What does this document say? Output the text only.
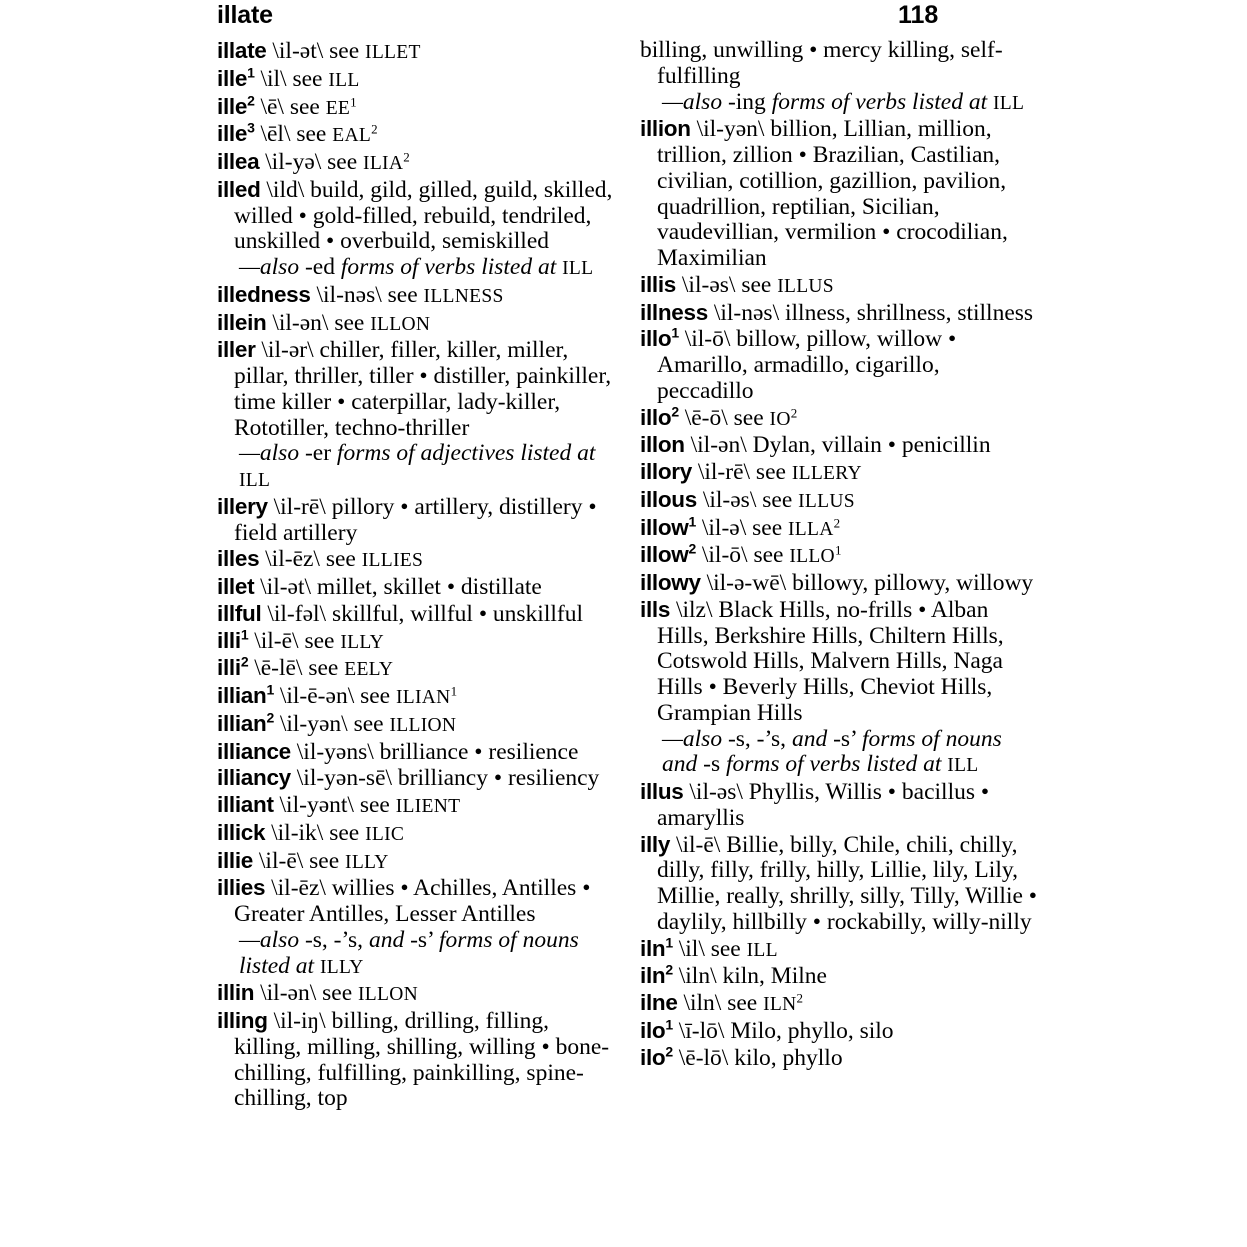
illate	118
illate \il-ət\ see ILLET
ille$^1$ \il\ see ILL
ille$^2$ \ē\ see $EE^1$
ille$^3$ \ēl\ see EAL$^2$
illea \il-yə\ see ILIA$^2$
illed \ild\ build, gild, gilled, guild, skilled, willed • gold-filled, rebuild, tendriled, unskilled • overbuild, semiskilled
—also -ed forms of verbs listed at ILL
illedness \il-nəs\ see ILLNESS
illein \il-ən\ see ILLON
iller \il-ər\ chiller, filler, killer, miller, pillar, thriller, tiller • distiller, painkiller, time killer • caterpillar, lady-killer, Rototiller, techno-thriller
—also -er forms of adjectives listed at ILL
illery \il-rē\ pillory • artillery, distillery • field artillery
illes \il-ēz\ see ILLIES
illet \il-ət\ millet, skillet • distillate
illful \il-fəl\ skillful, willful • unskillful
illi$^1$ \il-ē\ see ILLY
illi$^2$ \ē-lē\ see EELY
illian$^1$ \il-ē-ən\ see ILIAN$^1$
illian$^2$ \il-yən\ see ILLION
illiance \il-yəns\ brilliance • resilience
illiancy \il-yən-sē\ brilliancy • resiliency
illiant \il-yənt\ see ILIENT
illick \il-ik\ see ILIC
illie \il-ē\ see ILLY
illies \il-ēz\ willies • Achilles, Antilles • Greater Antilles, Lesser Antilles
—also -s, -’s, and -s’ forms of nouns listed at ILLY
illin \il-ən\ see ILLON
illing \il-iŋ\ billing, drilling, filling, killing, milling, shilling, willing • bone-chilling, fulfilling, painkilling, spine-chilling, top
billing, unwilling • mercy killing, self-fulfilling
—also -ing forms of verbs listed at ILL
illion \il-yən\ billion, Lillian, million, trillion, zillion • Brazilian, Castilian, civilian, cotillion, gazillion, pavilion, quadrillion, reptilian, Sicilian, vaudevillian, vermilion • crocodilian, Maximilian
illis \il-əs\ see ILLUS
illness \il-nəs\ illness, shrillness, stillness
illo$^1$ \il-ō\ billow, pillow, willow • Amarillo, armadillo, cigarillo, peccadillo
illo$^2$ \ē-ō\ see $IO^2$
illon \il-ən\ Dylan, villain • penicillin
illory \il-rē\ see ILLERY
illous \il-əs\ see ILLUS
illow$^1$ \il-ə\ see ILLA$^2$
illow$^2$ \il-ō\ see ILLO$^1$
illowy \il-ə-wē\ billowy, pillowy, willowy
ills \ilz\ Black Hills, no-frills • Alban Hills, Berkshire Hills, Chiltern Hills, Cotswold Hills, Malvern Hills, Naga Hills • Beverly Hills, Cheviot Hills, Grampian Hills
—also -s, -’s, and -s’ forms of nouns and -s forms of verbs listed at ILL
illus \il-əs\ Phyllis, Willis • bacillus • amaryllis
illy \il-ē\ Billie, billy, Chile, chili, chilly, dilly, filly, frilly, hilly, Lillie, lily, Lily, Millie, really, shrilly, silly, Tilly, Willie • daylily, hillbilly • rockabilly, willy-nilly
iln$^1$ \il\ see ILL
iln$^2$ \iln\ kiln, Milne
ilne \iln\ see ILN$^2$
ilo$^1$ \ī-lō\ Milo, phyllo, silo
ilo$^2$ \ē-lō\ kilo, phyllo
